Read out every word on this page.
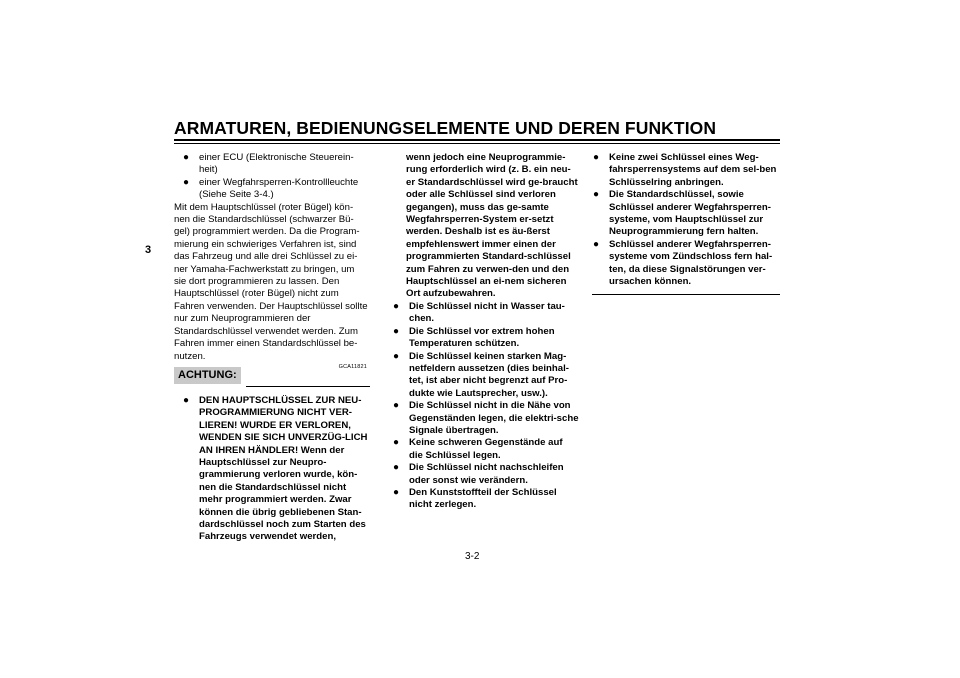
ARMATUREN, BEDIENUNGSELEMENTE UND DEREN FUNKTION
3
● einer ECU (Elektronische Steuerein-heit)
● einer Wegfahrsperren-Kontrollleuchte (Siehe Seite 3-4.)

Mit dem Hauptschlüssel (roter Bügel) kön-nen die Standardschlüssel (schwarzer Bü-gel) programmiert werden. Da die Program-mierung ein schwieriges Verfahren ist, sind das Fahrzeug und alle drei Schlüssel zu ei-ner Yamaha-Fachwerkstatt zu bringen, um sie dort programmieren zu lassen. Den Hauptschlüssel (roter Bügel) nicht zum Fahren verwenden. Der Hauptschlüssel sollte nur zum Neuprogrammieren der Standardschlüssel verwendet werden. Zum Fahren immer einen Standardschlüssel be-nutzen.

ACHTUNG:
GCA11821
● DEN HAUPTSCHLÜSSEL ZUR NEU-PROGRAMMIERUNG NICHT VER-LIEREN! WURDE ER VERLOREN, WENDEN SIE SICH UNVERZÜG-LICH AN IHREN HÄNDLER! Wenn der Hauptschlüssel zur Neupro-grammierung verloren wurde, kön-nen die Standardschlüssel nicht mehr programmiert werden. Zwar können die übrig gebliebenen Stan-dardschlüssel noch zum Starten des Fahrzeugs verwendet werden,

wenn jedoch eine Neuprogrammie-rung erforderlich wird (z. B. ein neu-er Standardschlüssel wird ge-braucht oder alle Schlüssel sind verloren gegangen), muss das ge-samte Wegfahrsperren-System er-setzt werden. Deshalb ist es äu-ßerst empfehlenswert immer einen der programmierten Standard-schlüssel zum Fahren zu verwen-den und den Hauptschlüssel an ei-nem sicheren Ort aufzubewahren.

● Die Schlüssel nicht in Wasser tau-chen.
● Die Schlüssel vor extrem hohen Temperaturen schützen.
● Die Schlüssel keinen starken Mag-netfeldern aussetzen (dies beinhal-tet, ist aber nicht begrenzt auf Pro-dukte wie Lautsprecher, usw.).
● Die Schlüssel nicht in die Nähe von Gegenständen legen, die elektri-sche Signale übertragen.
● Keine schweren Gegenstände auf die Schlüssel legen.
● Die Schlüssel nicht nachschleifen oder sonst wie verändern.
● Den Kunststoffteil der Schlüssel nicht zerlegen.
● Keine zwei Schlüssel eines Weg-fahrsperrensystems auf dem sel-ben Schlüsselring anbringen.
● Die Standardschlüssel, sowie Schlüssel anderer Wegfahrsperren-systeme, vom Hauptschlüssel zur Neuprogrammierung fern halten.
● Schlüssel anderer Wegfahrsperren-systeme vom Zündschloss fern hal-ten, da diese Signalstörungen ver-ursachen können.
3-2
